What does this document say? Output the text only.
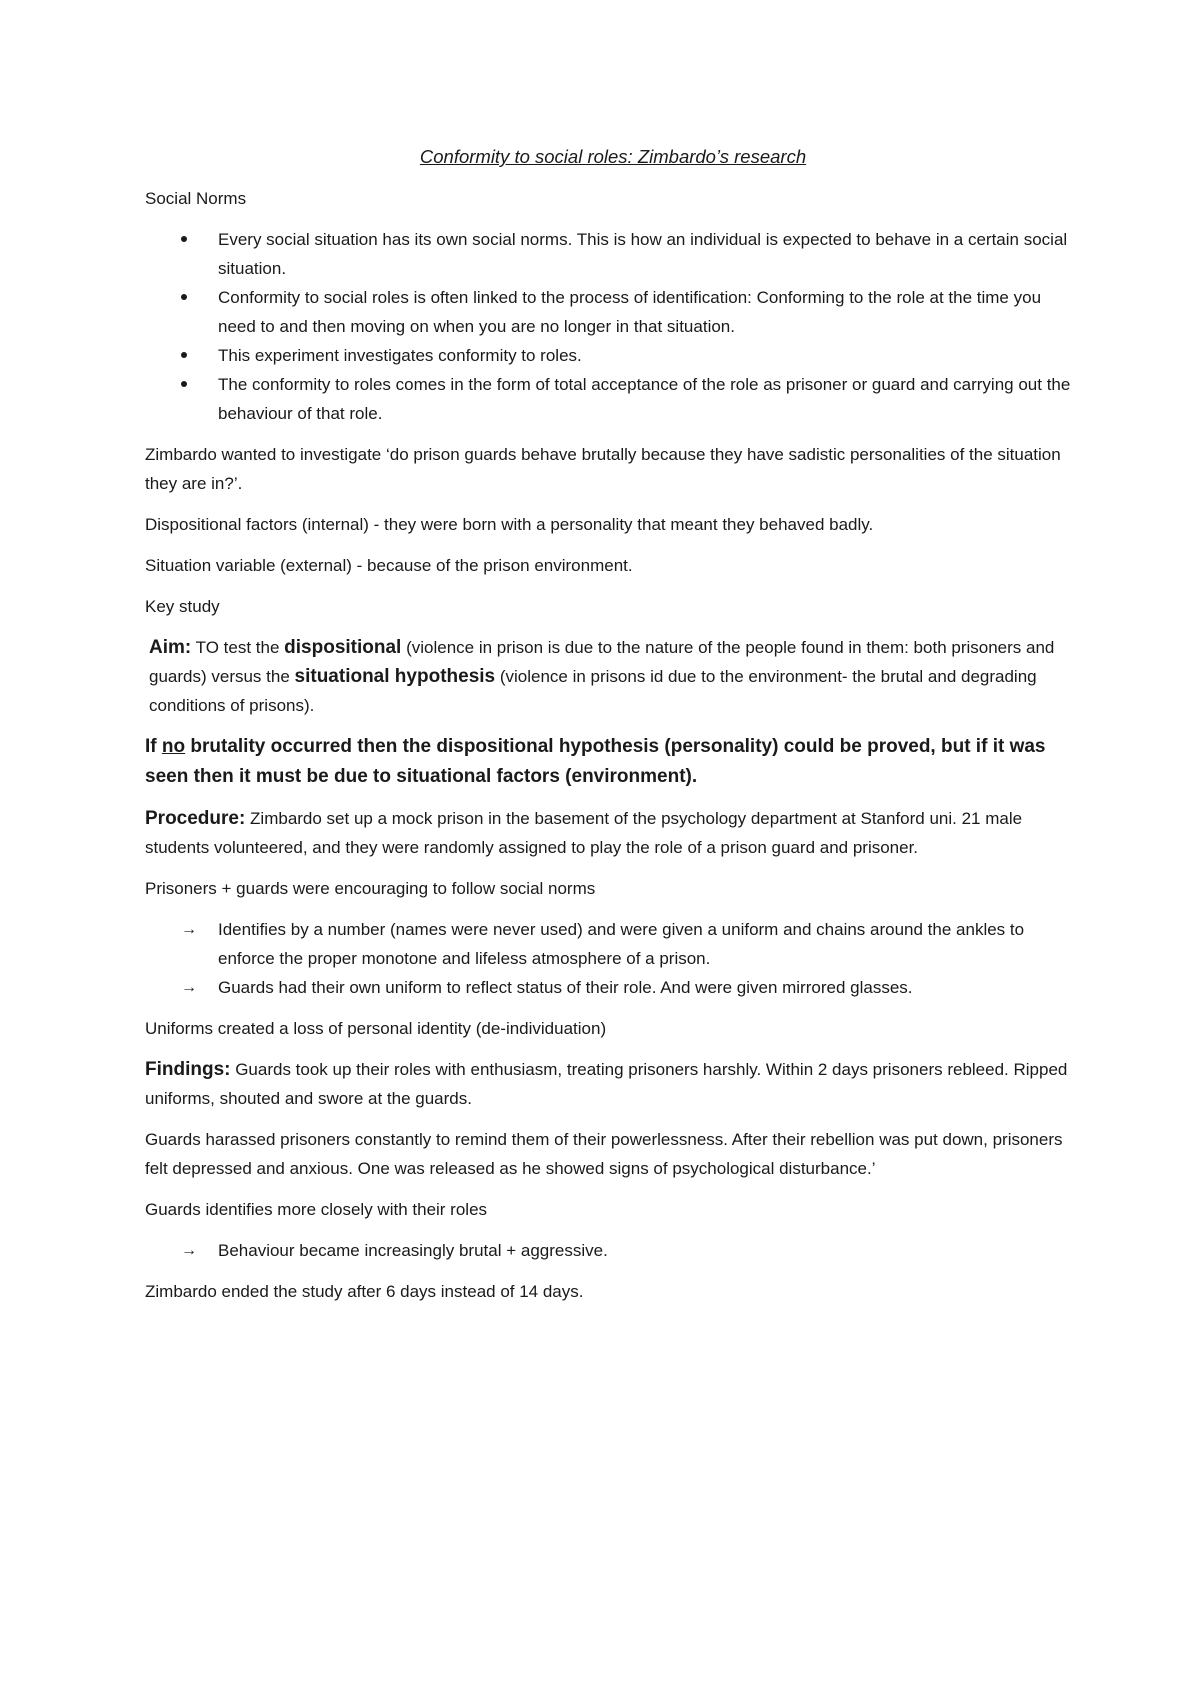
Conformity to social roles: Zimbardo’s research

Social Norms

Every social situation has its own social norms. This is how an individual is expected to behave in a certain social situation.
Conformity to social roles is often linked to the process of identification: Conforming to the role at the time you need to and then moving on when you are no longer in that situation.
This experiment investigates conformity to roles.
The conformity to roles comes in the form of total acceptance of the role as prisoner or guard and carrying out the behaviour of that role.

Zimbardo wanted to investigate ‘do prison guards behave brutally because they have sadistic personalities of the situation they are in?’.

Dispositional factors (internal) - they were born with a personality that meant they behaved badly.

Situation variable (external) - because of the prison environment.

Key study

Aim: TO test the dispositional (violence in prison is due to the nature of the people found in them: both prisoners and guards) versus the situational hypothesis (violence in prisons id due to the environment- the brutal and degrading conditions of prisons).

If no brutality occurred then the dispositional hypothesis (personality) could be proved, but if it was seen then it must be due to situational factors (environment).

Procedure: Zimbardo set up a mock prison in the basement of the psychology department at Stanford uni. 21 male students volunteered, and they were randomly assigned to play the role of a prison guard and prisoner.

Prisoners + guards were encouraging to follow social norms

→ Identifies by a number (names were never used) and were given a uniform and chains around the ankles to enforce the proper monotone and lifeless atmosphere of a prison.
→ Guards had their own uniform to reflect status of their role. And were given mirrored glasses.

Uniforms created a loss of personal identity (de-individuation)

Findings: Guards took up their roles with enthusiasm, treating prisoners harshly. Within 2 days prisoners rebleed. Ripped uniforms, shouted and swore at the guards.

Guards harassed prisoners constantly to remind them of their powerlessness. After their rebellion was put down, prisoners felt depressed and anxious. One was released as he showed signs of psychological disturbance.’

Guards identifies more closely with their roles

→ Behaviour became increasingly brutal + aggressive.

Zimbardo ended the study after 6 days instead of 14 days.
